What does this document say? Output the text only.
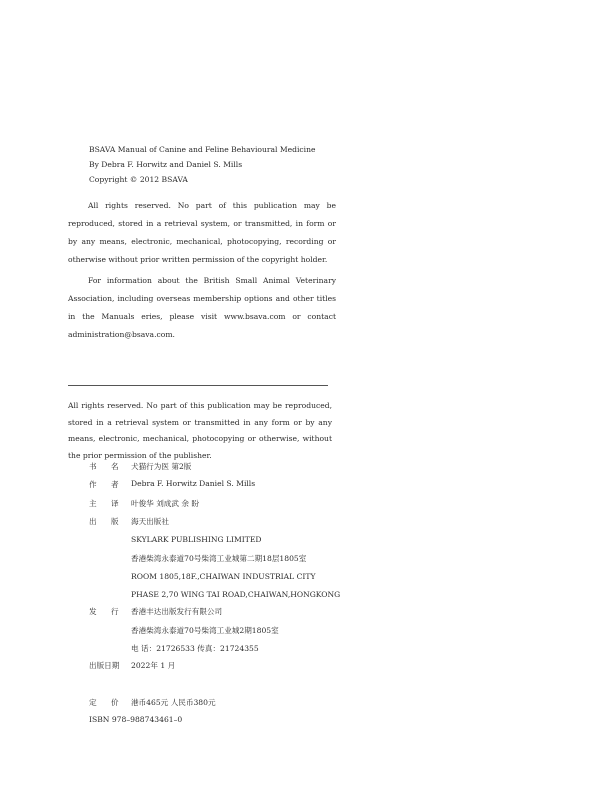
BSAVA Manual of Canine and Feline Behavioural Medicine
By Debra F. Horwitz and Daniel S. Mills
Copyright © 2012 BSAVA

All rights reserved. No part of this publication may be reproduced, stored in a retrieval system, or transmitted, in form or by any means, electronic, mechanical, photocopying, recording or otherwise without prior written permission of the copyright holder.

For information about the British Small Animal Veterinary Association, including overseas membership options and other titles in the Manuals eries, please visit www.bsava.com or contact administration@bsava.com.

All rights reserved. No part of this publication may be reproduced, stored in a retrieval system or transmitted in any form or by any means, electronic, mechanical, photocopying or otherwise, without the prior permission of the publisher.
书 名 犬猫行为医 第2版
作 者 Debra F. Horwitz Daniel S. Mills
主 译 叶俊华 刘成武 余 盼
出 版 海天出版社
SKYLARK PUBLISHING LIMITED
香港柴湾永泰道70号柴湾工业城第二期18层1805室
ROOM 1805,18F.,CHAIWAN INDUSTRIAL CITY
PHASE 2,70 WING TAI ROAD,CHAIWAN,HONGKONG
发 行 香港丰达出版发行有限公司
香港柴湾永泰道70号柴湾工业城2期1805室
电 话：21726533 传真：21724355
出版日期 2022年 1 月
定 价 港币465元 人民币380元
ISBN 978–988743461–0
